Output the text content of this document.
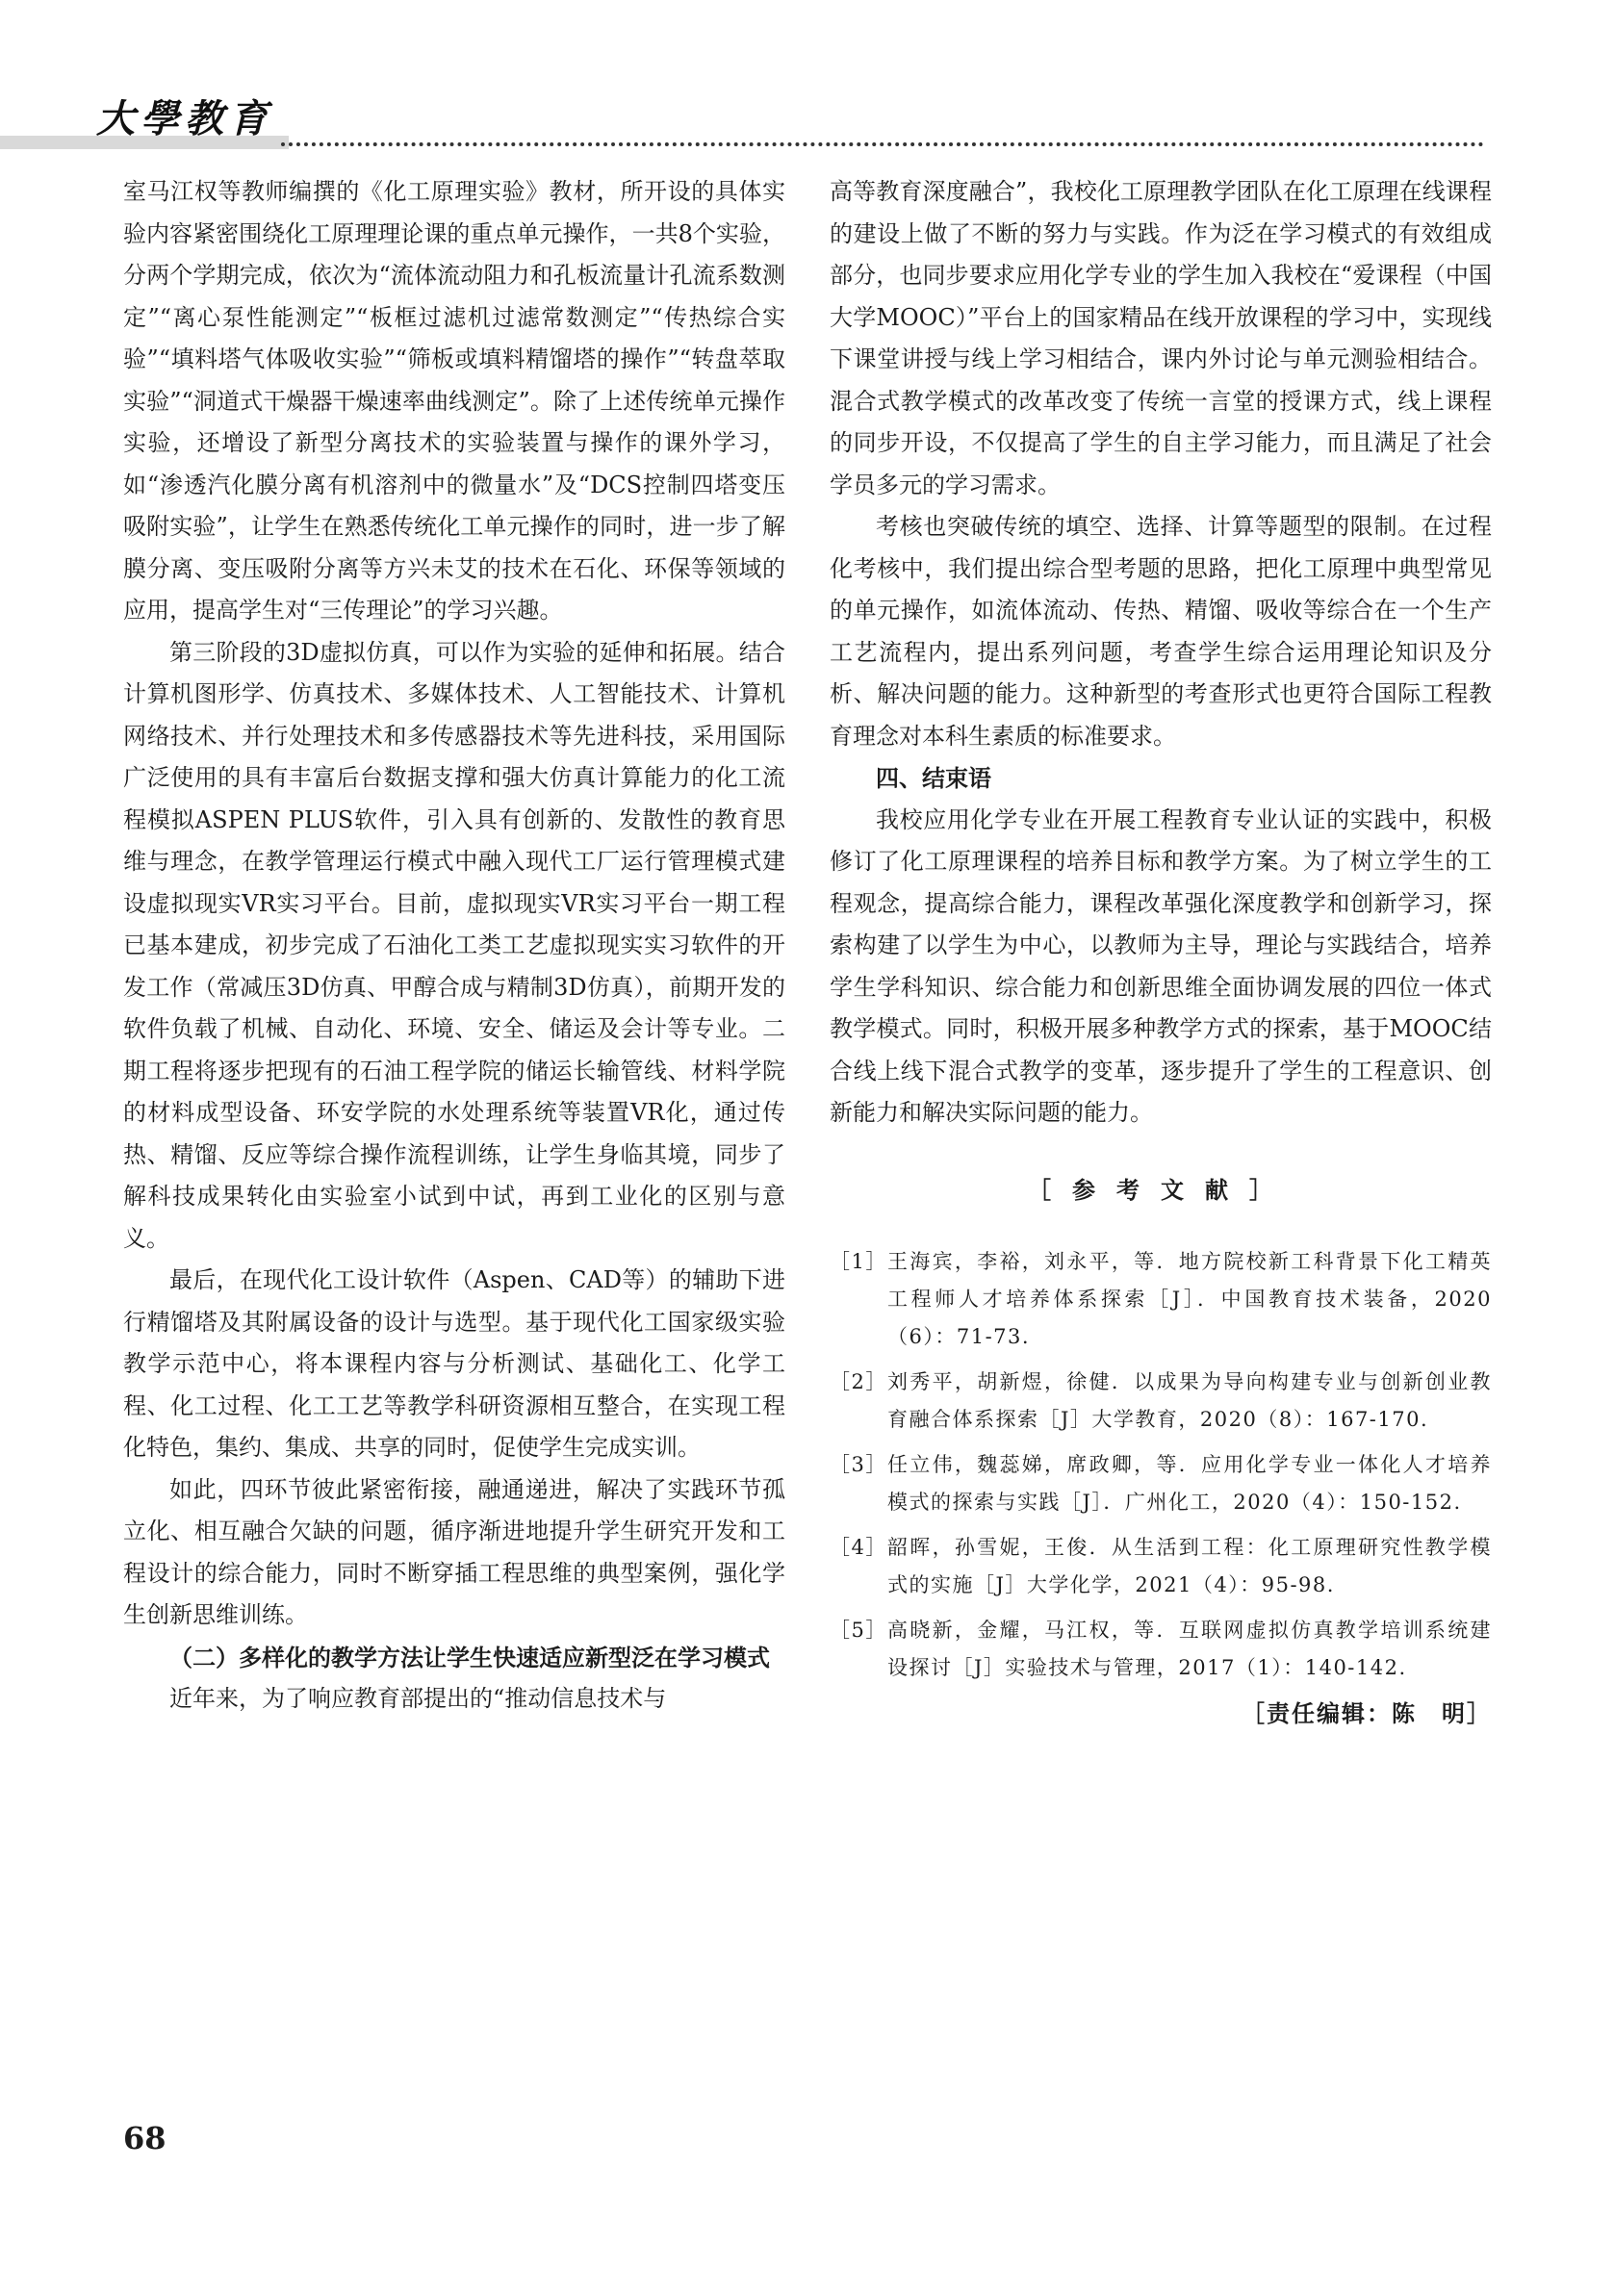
大學教育

室马江权等教师编撰的《化工原理实验》教材，所开设的具体实验内容紧密围绕化工原理理论课的重点单元操作，一共8个实验，分两个学期完成，依次为“流体流动阻力和孔板流量计孔流系数测定”“离心泵性能测定”“板框过滤机过滤常数测定”“传热综合实验”“填料塔气体吸收实验”“筛板或填料精馏塔的操作”“转盘萃取实验”“洞道式干燥器干燥速率曲线测定”。除了上述传统单元操作实验，还增设了新型分离技术的实验装置与操作的课外学习，如“渗透汽化膜分离有机溶剂中的微量水”及“DCS控制四塔变压吸附实验”，让学生在熟悉传统化工单元操作的同时，进一步了解膜分离、变压吸附分离等方兴未艾的技术在石化、环保等领域的应用，提高学生对“三传理论”的学习兴趣。

第三阶段的3D虚拟仿真，可以作为实验的延伸和拓展。结合计算机图形学、仿真技术、多媒体技术、人工智能技术、计算机网络技术、并行处理技术和多传感器技术等先进科技，采用国际广泛使用的具有丰富后台数据支撑和强大仿真计算能力的化工流程模拟ASPEN PLUS软件，引入具有创新的、发散性的教育思维与理念，在教学管理运行模式中融入现代工厂运行管理模式建设虚拟现实VR实习平台。目前，虚拟现实VR实习平台一期工程已基本建成，初步完成了石油化工类工艺虚拟现实实习软件的开发工作（常减压3D仿真、甲醇合成与精制3D仿真），前期开发的软件负载了机械、自动化、环境、安全、储运及会计等专业。二期工程将逐步把现有的石油工程学院的储运长输管线、材料学院的材料成型设备、环安学院的水处理系统等装置VR化，通过传热、精馏、反应等综合操作流程训练，让学生身临其境，同步了解科技成果转化由实验室小试到中试，再到工业化的区别与意义。

最后，在现代化工设计软件（Aspen、CAD等）的辅助下进行精馏塔及其附属设备的设计与选型。基于现代化工国家级实验教学示范中心，将本课程内容与分析测试、基础化工、化学工程、化工过程、化工工艺等教学科研资源相互整合，在实现工程化特色，集约、集成、共享的同时，促使学生完成实训。

如此，四环节彼此紧密衔接，融通递进，解决了实践环节孤立化、相互融合欠缺的问题，循序渐进地提升学生研究开发和工程设计的综合能力，同时不断穿插工程思维的典型案例，强化学生创新思维训练。

（二）多样化的教学方法让学生快速适应新型泛在学习模式

近年来，为了响应教育部提出的“推动信息技术与

高等教育深度融合”，我校化工原理教学团队在化工原理在线课程的建设上做了不断的努力与实践。作为泛在学习模式的有效组成部分，也同步要求应用化学专业的学生加入我校在“爱课程（中国大学MOOC）”平台上的国家精品在线开放课程的学习中，实现线下课堂讲授与线上学习相结合，课内外讨论与单元测验相结合。混合式教学模式的改革改变了传统一言堂的授课方式，线上课程的同步开设，不仅提高了学生的自主学习能力，而且满足了社会学员多元的学习需求。

考核也突破传统的填空、选择、计算等题型的限制。在过程化考核中，我们提出综合型考题的思路，把化工原理中典型常见的单元操作，如流体流动、传热、精馏、吸收等综合在一个生产工艺流程内，提出系列问题，考查学生综合运用理论知识及分析、解决问题的能力。这种新型的考查形式也更符合国际工程教育理念对本科生素质的标准要求。

四、结束语

我校应用化学专业在开展工程教育专业认证的实践中，积极修订了化工原理课程的培养目标和教学方案。为了树立学生的工程观念，提高综合能力，课程改革强化深度教学和创新学习，探索构建了以学生为中心，以教师为主导，理论与实践结合，培养学生学科知识、综合能力和创新思维全面协调发展的四位一体式教学模式。同时，积极开展多种教学方式的探索，基于MOOC结合线上线下混合式教学的变革，逐步提升了学生的工程意识、创新能力和解决实际问题的能力。

［参考文献］
［1］ 王海宾，李裕，刘永平，等．地方院校新工科背景下化工精英工程师人才培养体系探索［J］．中国教育技术装备，2020（6）：71-73.
［2］ 刘秀平，胡新煜，徐健．以成果为导向构建专业与创新创业教育融合体系探索［J］大学教育，2020（8）：167-170.
［3］ 任立伟，魏蕊娣，席政卿，等．应用化学专业一体化人才培养模式的探索与实践［J］．广州化工，2020（4）：150-152.
［4］ 韶晖，孙雪妮，王俊．从生活到工程：化工原理研究性教学模式的实施［J］大学化学，2021（4）：95-98.
［5］ 高晓新，金耀，马江权，等．互联网虚拟仿真教学培训系统建设探讨［J］实验技术与管理，2017（1）：140-142.
［责任编辑：陈　明］
68
